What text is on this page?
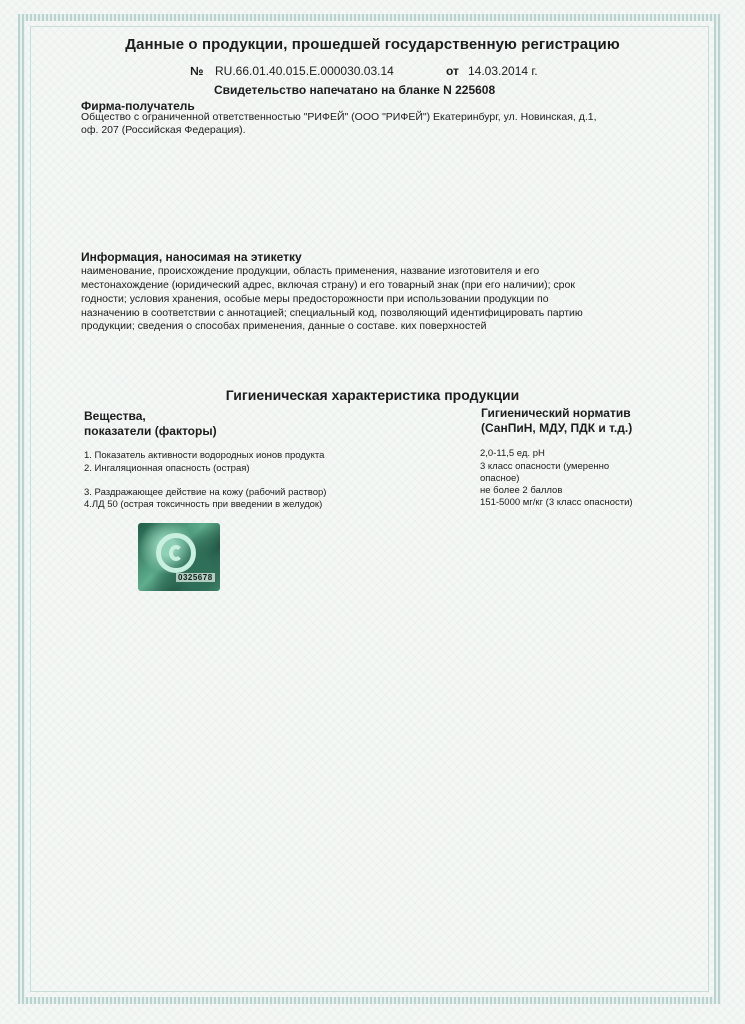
Данные о продукции, прошедшей государственную регистрацию
№ RU.66.01.40.015.E.000030.03.14	от 14.03.2014 г.
Свидетельство напечатано на бланке N 225608
Фирма-получатель
Общество с ограниченной ответственностью "РИФЕЙ" (ООО "РИФЕЙ") Екатеринбург, ул. Новинская, д.1,
оф. 207 (Российская Федерация).
Информация, наносимая на этикетку
наименование, происхождение продукции, область применения, название изготовителя и его
местонахождение (юридический адрес, включая страну) и его товарный знак (при его наличии); срок
годности; условия хранения, особые меры предосторожности при использовании продукции по
назначению в соответствии с аннотацией; специальный код, позволяющий идентифицировать партию
продукции; сведения о способах применения, данные о составе. ких поверхностей
Гигиеническая характеристика продукции
Вещества,
показатели (факторы)
Гигиенический норматив
(СанПиН, МДУ, ПДК и т.д.)
1. Показатель активности водородных ионов продукта
2. Ингаляционная опасность (острая)
3. Раздражающее действие на кожу (рабочий раствор)
4.ЛД 50 (острая токсичность при введении в желудок)
2,0-11,5 ед. рН
3 класс опасности (умеренно
опасное)
не более 2 баллов
151-5000 мг/кг (3 класс опасности)
0325678
